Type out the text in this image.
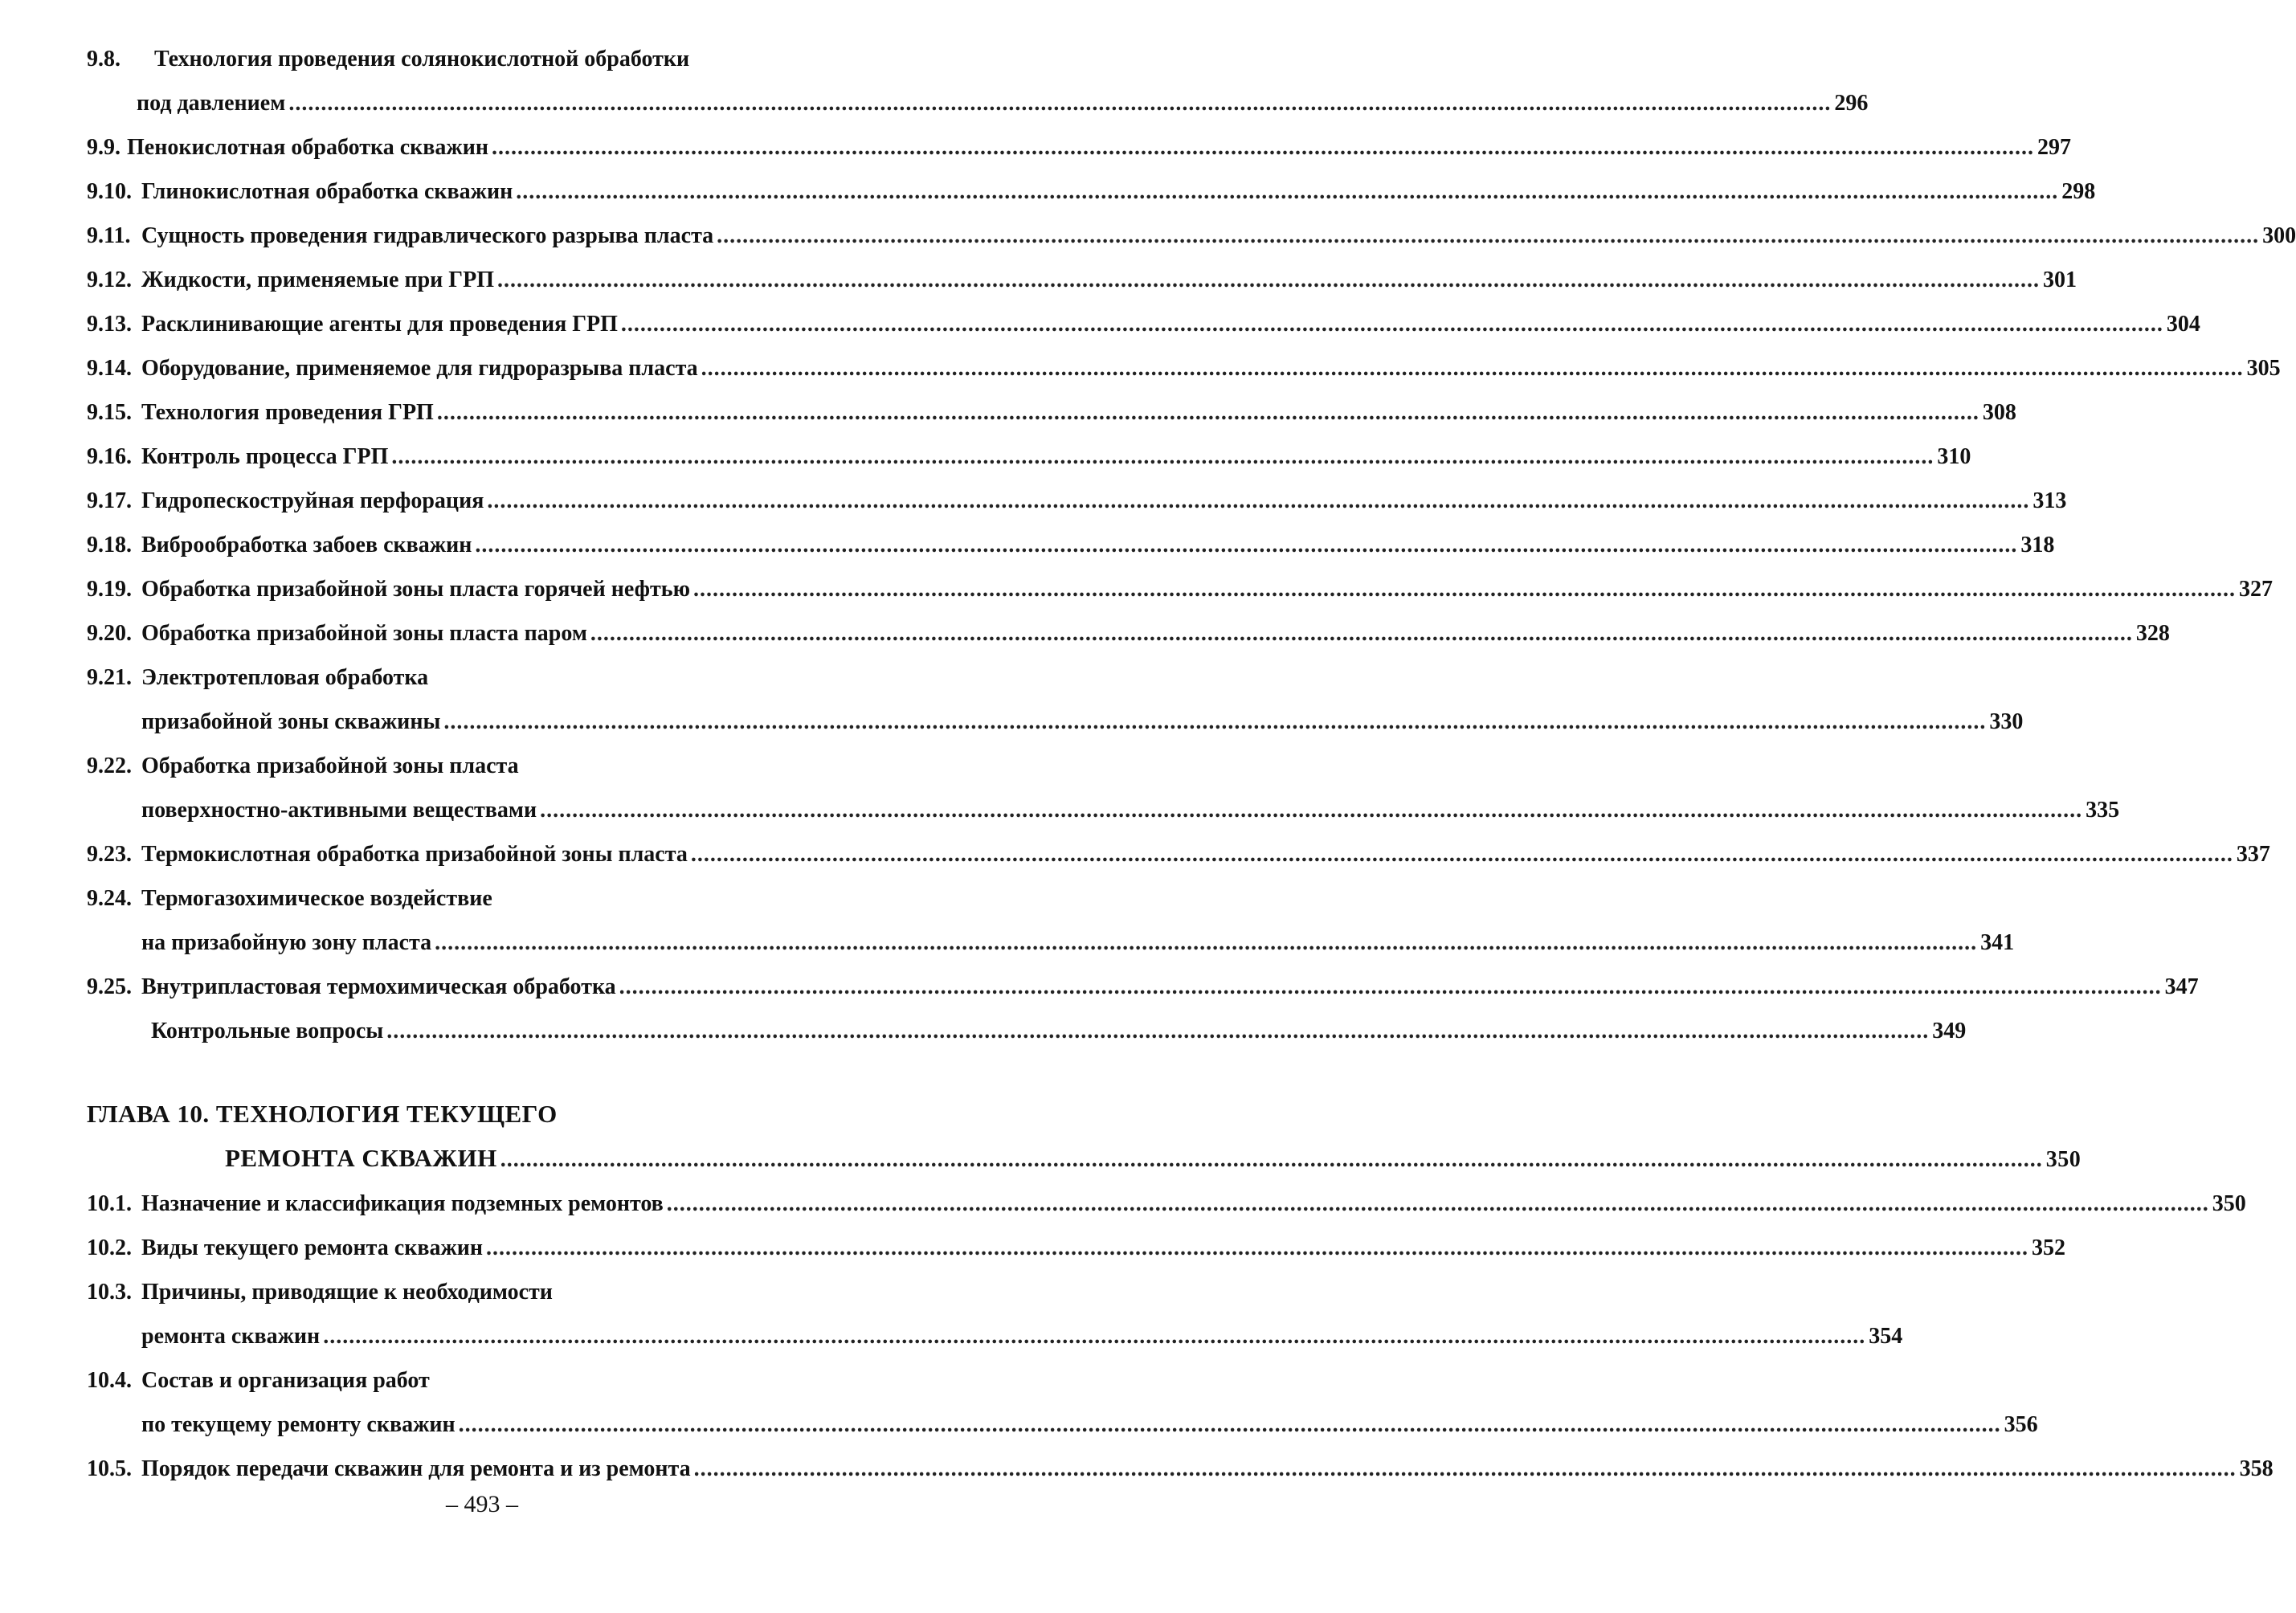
9.8.	Технология проведения солянокислотной обработки
под давлением .....	296
9.9. Пенокислотная обработка скважин .....	297
9.10. Глинокислотная обработка скважин .....	298
9.11. Сущность проведения гидравлического разрыва пласта .....	300
9.12. Жидкости, применяемые при ГРП .....	301
9.13. Расклинивающие агенты для проведения ГРП .....	304
9.14. Оборудование, применяемое для гидроразрыва пласта .....	305
9.15. Технология проведения ГРП .....	308
9.16. Контроль процесса ГРП .....	310
9.17. Гидропескоструйная перфорация .....	313
9.18. Виброобработка забоев скважин .....	318
9.19. Обработка призабойной зоны пласта горячей нефтью .....	327
9.20. Обработка призабойной зоны пласта паром .....	328
9.21. Электротепловая обработка
призабойной зоны скважины .....	330
9.22. Обработка призабойной зоны пласта
поверхностно-активными веществами .....	335
9.23. Термокислотная обработка призабойной зоны пласта .....	337
9.24. Термогазохимическое воздействие
на призабойную зону пласта .....	341
9.25. Внутрипластовая термохимическая обработка .....	347
Контрольные вопросы .....	349
ГЛАВА 10. ТЕХНОЛОГИЯ ТЕКУЩЕГО
РЕМОНТА СКВАЖИН .....	350
10.1. Назначение и классификация подземных ремонтов .....	350
10.2. Виды текущего ремонта скважин .....	352
10.3. Причины, приводящие к необходимости
ремонта скважин .....	354
10.4. Состав и организация работ
по текущему ремонту скважин .....	356
10.5. Порядок передачи скважин для ремонта и из ремонта .....	358
– 493 –
